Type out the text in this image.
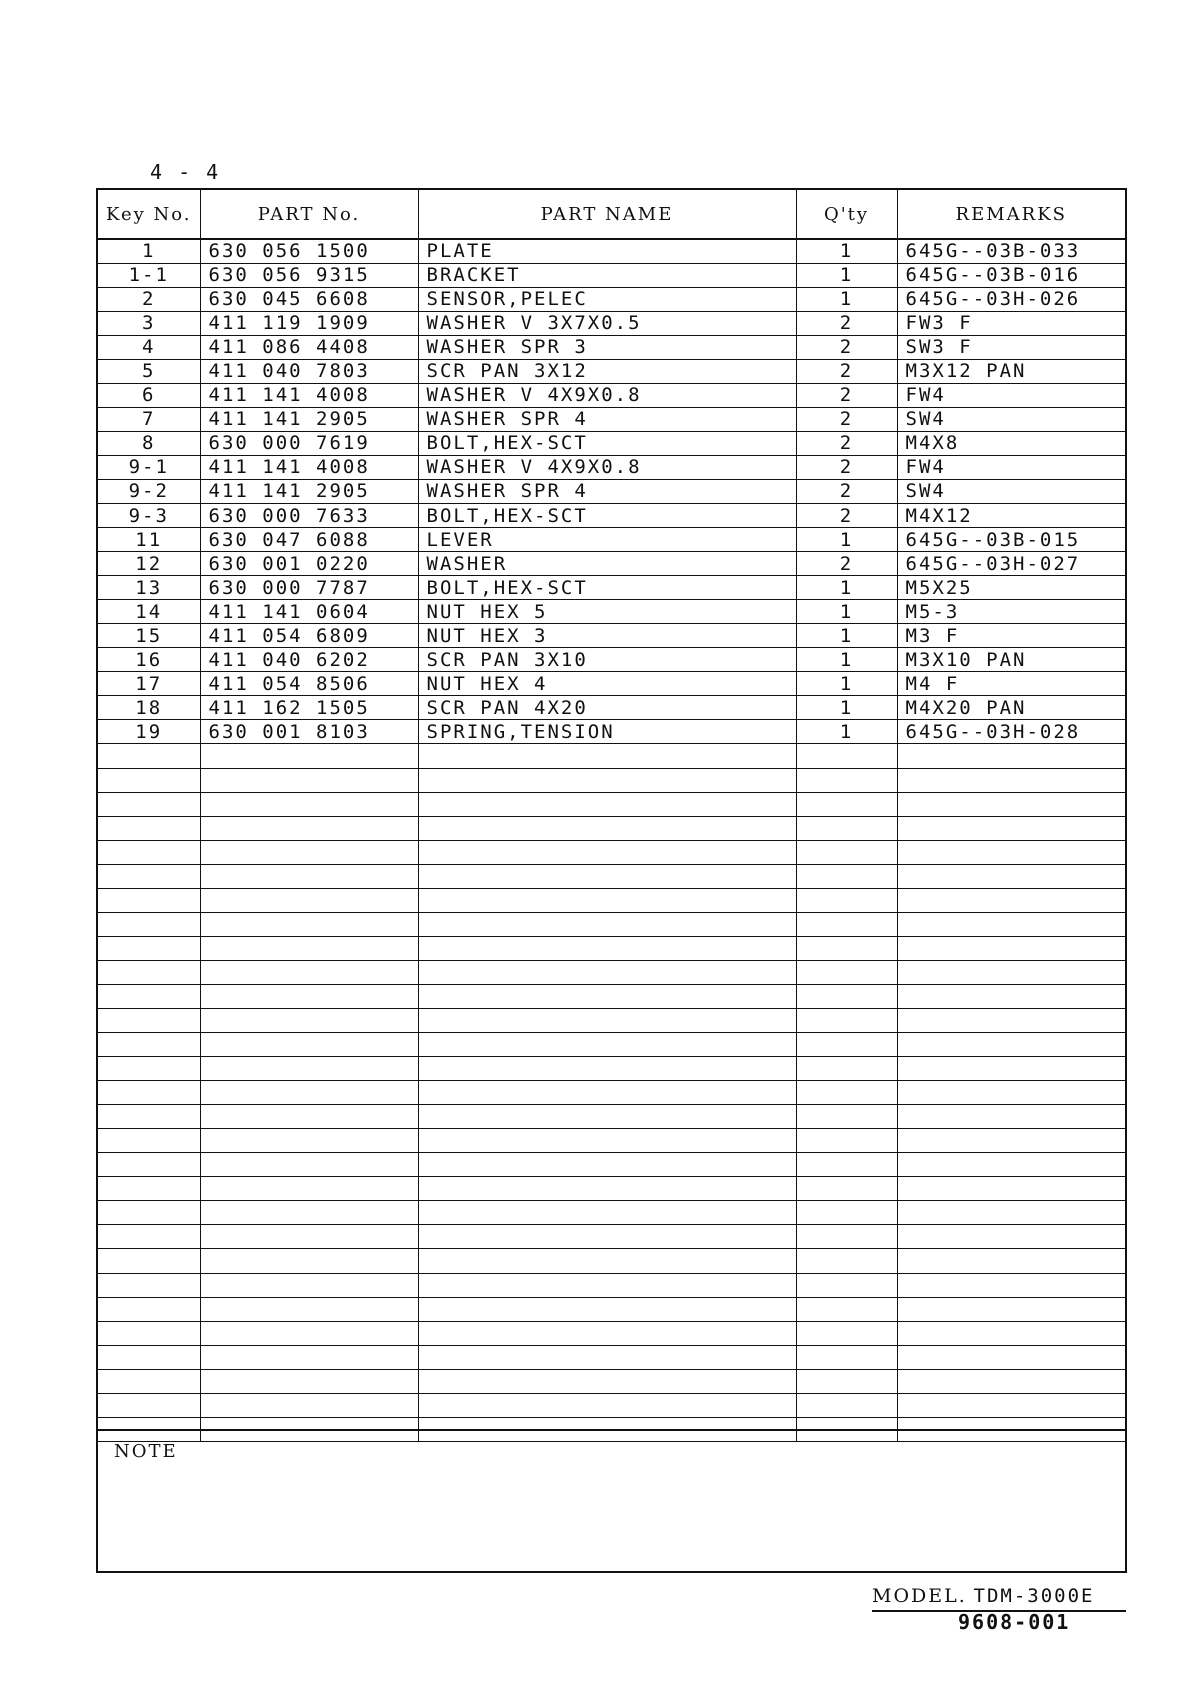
4 - 4
Key No.	PART No.	PART NAME	Q'ty	REMARKS
1	630 056 1500	PLATE	1	645G--03B-033
1-1	630 056 9315	BRACKET	1	645G--03B-016
2	630 045 6608	SENSOR,PELEC	1	645G--03H-026
3	411 119 1909	WASHER V 3X7X0.5	2	FW3 F
4	411 086 4408	WASHER SPR 3	2	SW3 F
5	411 040 7803	SCR PAN 3X12	2	M3X12 PAN
6	411 141 4008	WASHER V 4X9X0.8	2	FW4
7	411 141 2905	WASHER SPR 4	2	SW4
8	630 000 7619	BOLT,HEX-SCT	2	M4X8
9-1	411 141 4008	WASHER V 4X9X0.8	2	FW4
9-2	411 141 2905	WASHER SPR 4	2	SW4
9-3	630 000 7633	BOLT,HEX-SCT	2	M4X12
11	630 047 6088	LEVER	1	645G--03B-015
12	630 001 0220	WASHER	2	645G--03H-027
13	630 000 7787	BOLT,HEX-SCT	1	M5X25
14	411 141 0604	NUT HEX 5	1	M5-3
15	411 054 6809	NUT HEX 3	1	M3 F
16	411 040 6202	SCR PAN 3X10	1	M3X10 PAN
17	411 054 8506	NUT HEX 4	1	M4 F
18	411 162 1505	SCR PAN 4X20	1	M4X20 PAN
19	630 001 8103	SPRING,TENSION	1	645G--03H-028

NOTE
MODEL. TDM-3000E
9608-001
